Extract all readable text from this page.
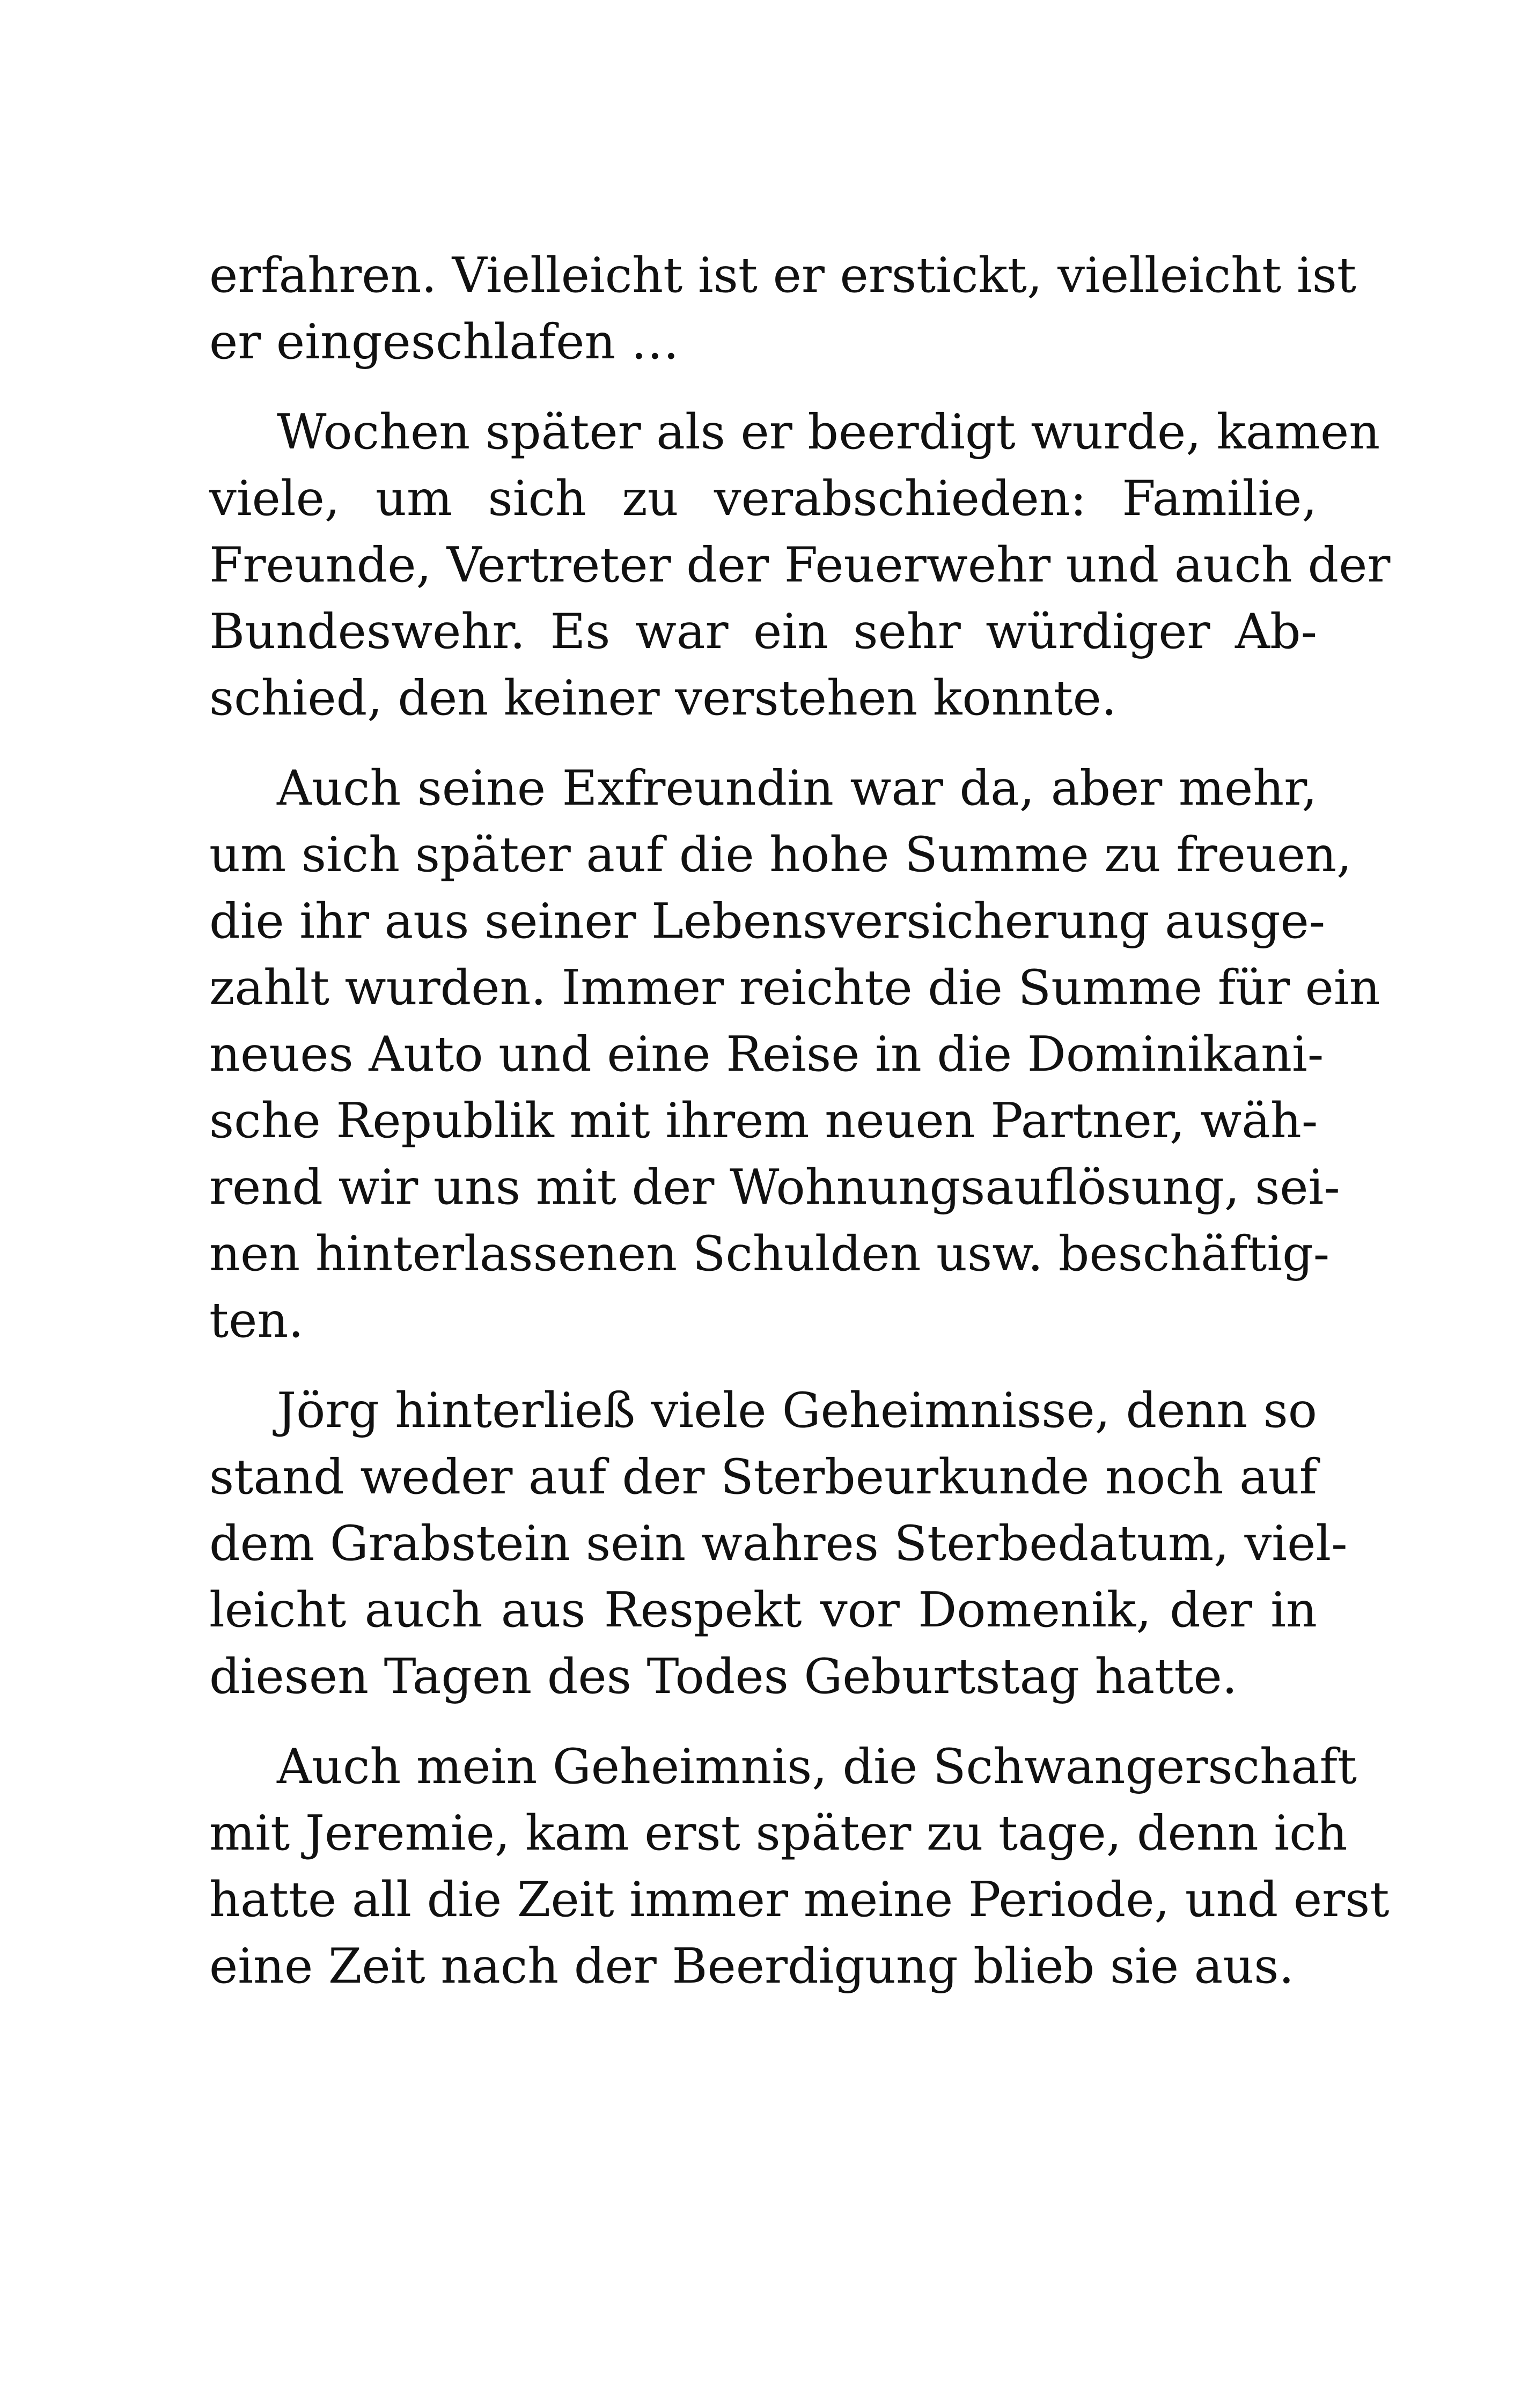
erfahren. Vielleicht ist er erstickt, vielleicht ist
er eingeschlafen …
Wochen später als er beerdigt wurde, kamen
viele, um sich zu verabschieden: Familie,
Freunde, Vertreter der Feuerwehr und auch der
Bundeswehr. Es war ein sehr würdiger Ab-
schied, den keiner verstehen konnte.
Auch seine Exfreundin war da, aber mehr,
um sich später auf die hohe Summe zu freuen,
die ihr aus seiner Lebensversicherung ausge-
zahlt wurden. Immer reichte die Summe für ein
neues Auto und eine Reise in die Dominikani-
sche Republik mit ihrem neuen Partner, wäh-
rend wir uns mit der Wohnungsauflösung, sei-
nen hinterlassenen Schulden usw. beschäftig-
ten.
Jörg hinterließ viele Geheimnisse, denn so
stand weder auf der Sterbeurkunde noch auf
dem Grabstein sein wahres Sterbedatum, viel-
leicht auch aus Respekt vor Domenik, der in
diesen Tagen des Todes Geburtstag hatte.
Auch mein Geheimnis, die Schwangerschaft
mit Jeremie, kam erst später zu tage, denn ich
hatte all die Zeit immer meine Periode, und erst
eine Zeit nach der Beerdigung blieb sie aus.
